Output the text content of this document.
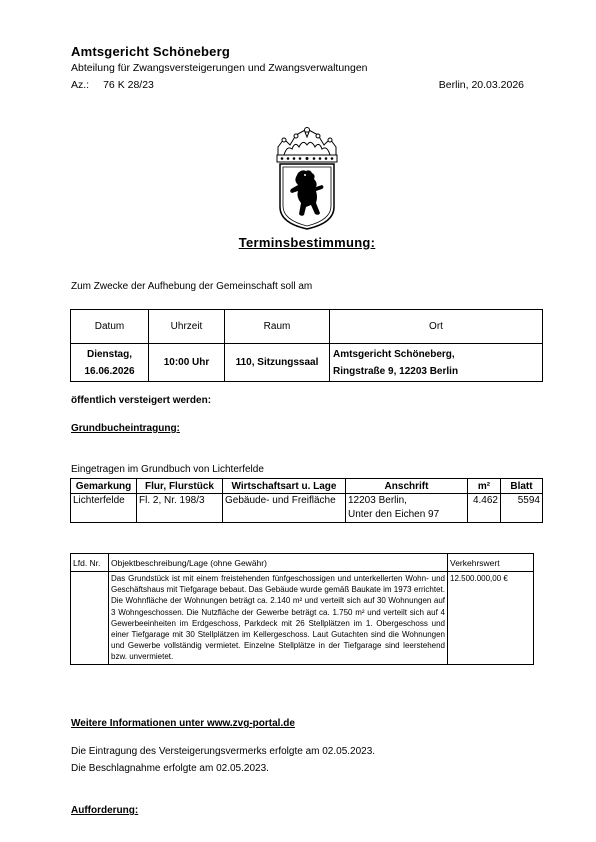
Amtsgericht Schöneberg
Abteilung für Zwangsversteigerungen und Zwangsverwaltungen
Az.: 76 K 28/23	Berlin, 20.03.2026
Terminsbestimmung:
Zum Zwecke der Aufhebung der Gemeinschaft soll am
Datum	Uhrzeit	Raum	Ort
Dienstag,
16.06.2026	10:00 Uhr	110, Sitzungssaal	Amtsgericht Schöneberg,
Ringstraße 9, 12203 Berlin
öffentlich versteigert werden:
Grundbucheintragung:
Eingetragen im Grundbuch von Lichterfelde
Gemarkung	Flur, Flurstück	Wirtschaftsart u. Lage	Anschrift	m²	Blatt
Lichterfelde	Fl. 2, Nr. 198/3	Gebäude- und Freifläche	12203 Berlin,
Unter den Eichen 97	4.462	5594
Lfd. Nr.	Objektbeschreibung/Lage (ohne Gewähr)	Verkehrswert
	Das Grundstück ist mit einem freistehenden fünfgeschossigen und unterkellerten Wohn- und Geschäftshaus mit Tiefgarage bebaut. Das Gebäude wurde gemäß Baukate im 1973 errichtet. Die Wohnfläche der Wohnungen beträgt ca. 2.140 m² und verteilt sich auf 30 Wohnungen auf 3 Wohngeschossen. Die Nutzfläche der Gewerbe beträgt ca. 1.750 m² und verteilt sich auf 4 Gewerbeeinheiten im Erdgeschoss, Parkdeck mit 26 Stellplätzen im 1. Obergeschoss und einer Tiefgarage mit 30 Stellplätzen im Kellergeschoss. Laut Gutachten sind die Wohnungen und Gewerbe vollständig vermietet. Einzelne Stellplätze in der Tiefgarage sind leerstehend bzw. unvermietet.	12.500.000,00 €
Weitere Informationen unter www.zvg-portal.de
Die Eintragung des Versteigerungsvermerks erfolgte am 02.05.2023.
Die Beschlagnahme erfolgte am 02.05.2023.
Aufforderung:
